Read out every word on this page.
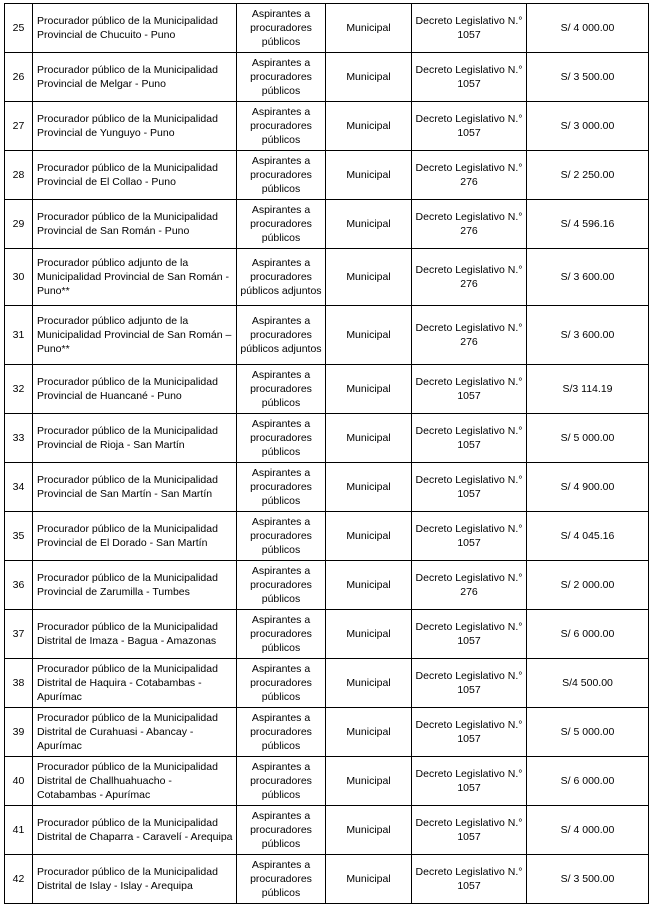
25	Procurador público de la Municipalidad Provincial de Chucuito - Puno	Aspirantes a procuradores públicos	Municipal	Decreto Legislativo N.° 1057	S/ 4 000.00
26	Procurador público de la Municipalidad Provincial de Melgar - Puno	Aspirantes a procuradores públicos	Municipal	Decreto Legislativo N.° 1057	S/ 3 500.00
27	Procurador público de la Municipalidad Provincial de Yunguyo - Puno	Aspirantes a procuradores públicos	Municipal	Decreto Legislativo N.° 1057	S/ 3 000.00
28	Procurador público de la Municipalidad Provincial de El Collao - Puno	Aspirantes a procuradores públicos	Municipal	Decreto Legislativo N.° 276	S/ 2 250.00
29	Procurador público de la Municipalidad Provincial de San Román - Puno	Aspirantes a procuradores públicos	Municipal	Decreto Legislativo N.° 276	S/ 4 596.16
30	Procurador público adjunto de la Municipalidad Provincial de San Román - Puno**	Aspirantes a procuradores públicos adjuntos	Municipal	Decreto Legislativo N.° 276	S/ 3 600.00
31	Procurador público adjunto de la Municipalidad Provincial de San Román – Puno**	Aspirantes a procuradores públicos adjuntos	Municipal	Decreto Legislativo N.° 276	S/ 3 600.00
32	Procurador público de la Municipalidad Provincial de Huancané - Puno	Aspirantes a procuradores públicos	Municipal	Decreto Legislativo N.° 1057	S/3 114.19
33	Procurador público de la Municipalidad Provincial de Rioja - San Martín	Aspirantes a procuradores públicos	Municipal	Decreto Legislativo N.° 1057	S/ 5 000.00
34	Procurador público de la Municipalidad Provincial de San Martín - San Martín	Aspirantes a procuradores públicos	Municipal	Decreto Legislativo N.° 1057	S/ 4 900.00
35	Procurador público de la Municipalidad Provincial de El Dorado - San Martín	Aspirantes a procuradores públicos	Municipal	Decreto Legislativo N.° 1057	S/ 4 045.16
36	Procurador público de la Municipalidad Provincial de Zarumilla - Tumbes	Aspirantes a procuradores públicos	Municipal	Decreto Legislativo N.° 276	S/ 2 000.00
37	Procurador público de la Municipalidad Distrital de Imaza - Bagua - Amazonas	Aspirantes a procuradores públicos	Municipal	Decreto Legislativo N.° 1057	S/ 6 000.00
38	Procurador público de la Municipalidad Distrital de Haquira - Cotabambas - Apurímac	Aspirantes a procuradores públicos	Municipal	Decreto Legislativo N.° 1057	S/4 500.00
39	Procurador público de la Municipalidad Distrital de Curahuasi - Abancay - Apurímac	Aspirantes a procuradores públicos	Municipal	Decreto Legislativo N.° 1057	S/ 5 000.00
40	Procurador público de la Municipalidad Distrital de Challhuahuacho - Cotabambas - Apurímac	Aspirantes a procuradores públicos	Municipal	Decreto Legislativo N.° 1057	S/ 6 000.00
41	Procurador público de la Municipalidad Distrital de Chaparra - Caravelí - Arequipa	Aspirantes a procuradores públicos	Municipal	Decreto Legislativo N.° 1057	S/ 4 000.00
42	Procurador público de la Municipalidad Distrital de Islay - Islay - Arequipa	Aspirantes a procuradores públicos	Municipal	Decreto Legislativo N.° 1057	S/ 3 500.00
